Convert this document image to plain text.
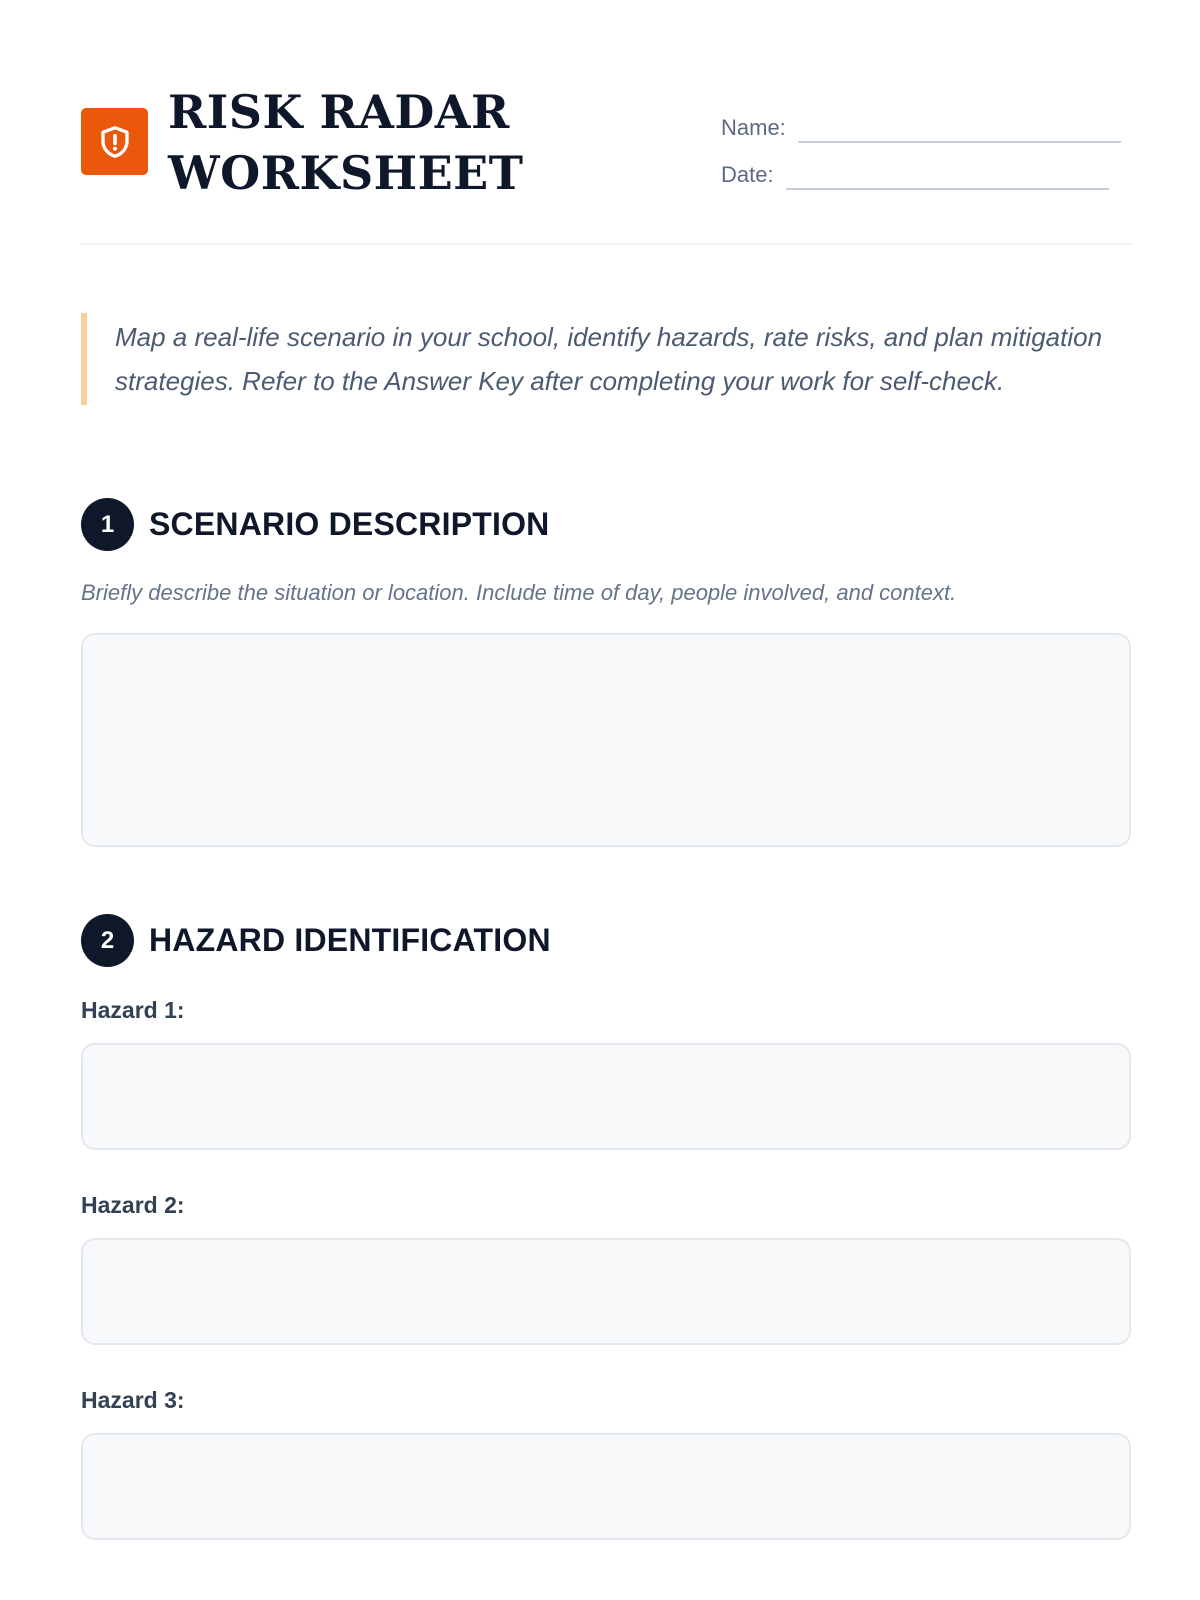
RISK RADAR
WORKSHEET
Name:
Date:
Map a real-life scenario in your school, identify hazards, rate risks, and plan mitigation strategies. Refer to the Answer Key after completing your work for self-check.
1	SCENARIO DESCRIPTION
Briefly describe the situation or location. Include time of day, people involved, and context.
2	HAZARD IDENTIFICATION
Hazard 1:
Hazard 2:
Hazard 3:
